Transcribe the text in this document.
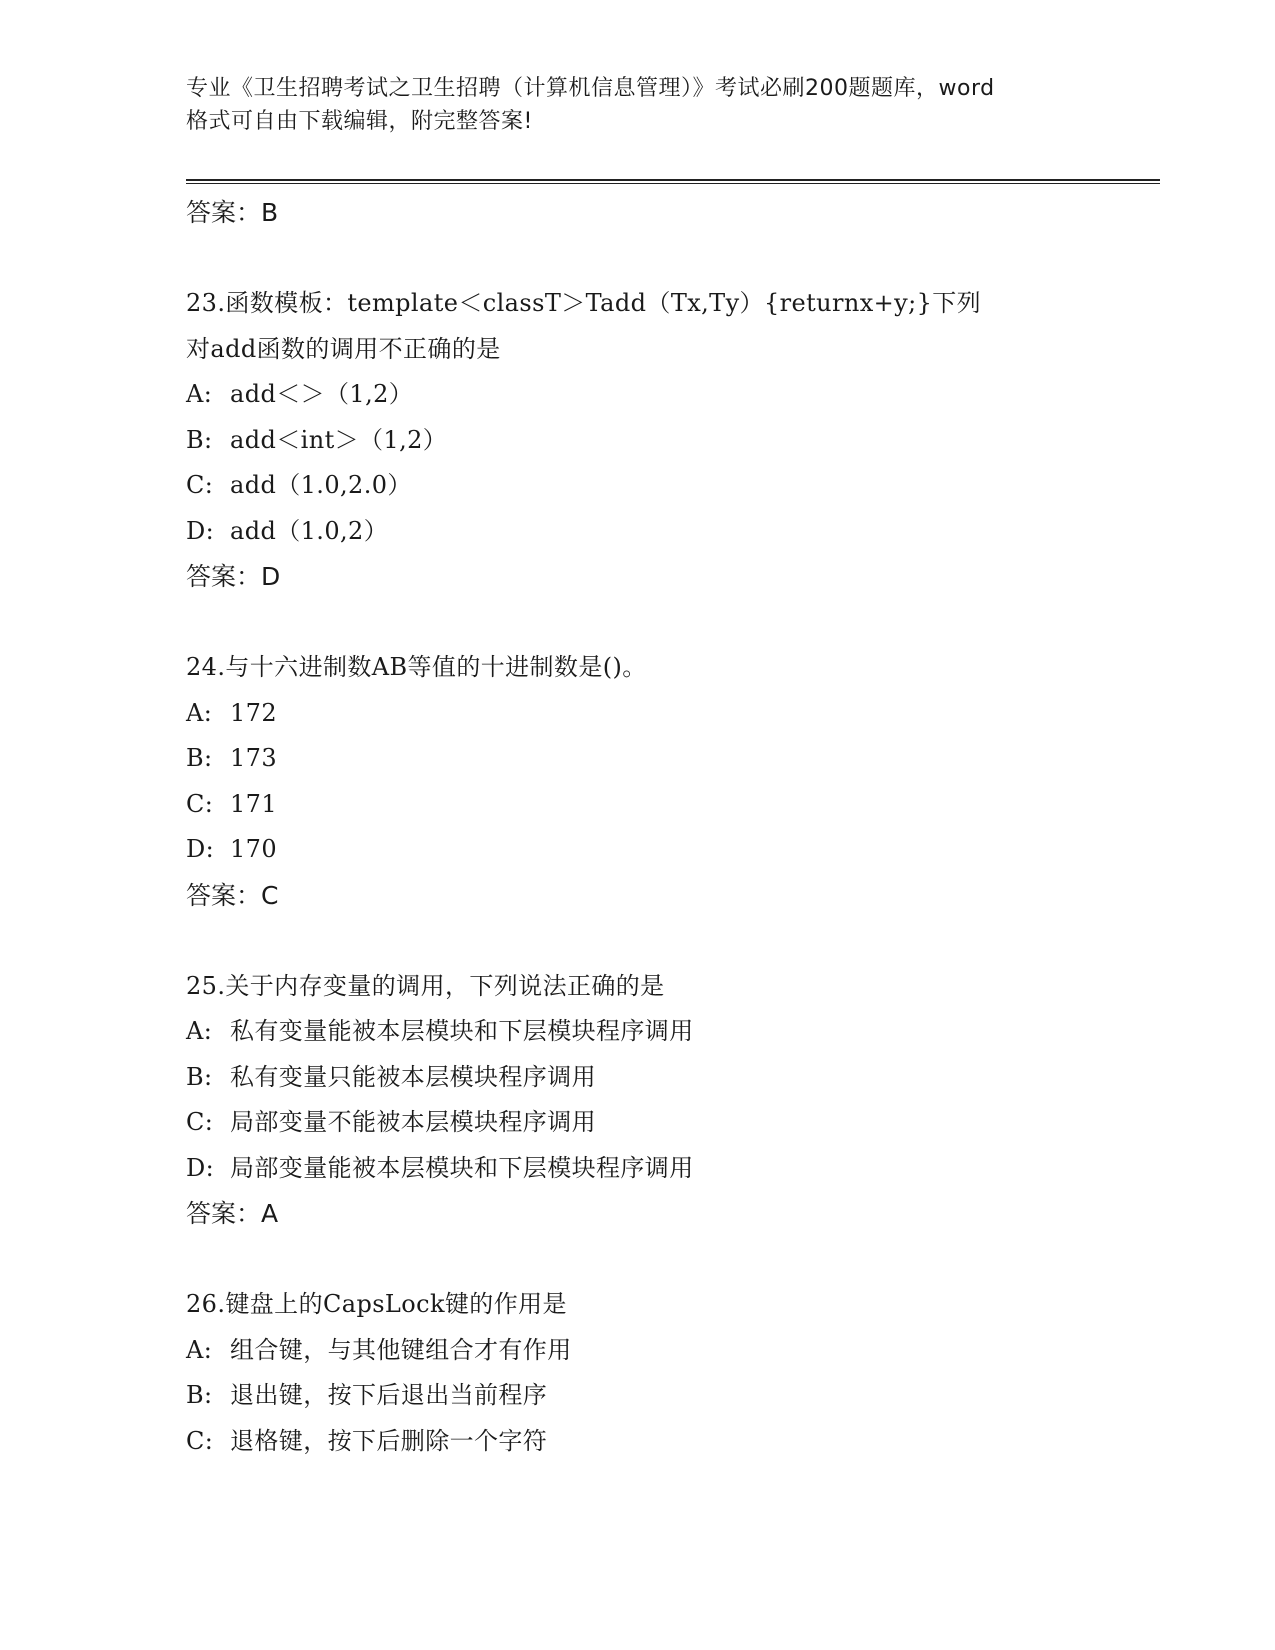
专业《卫生招聘考试之卫生招聘（计算机信息管理）》考试必刷200题题库，word
格式可自由下载编辑，附完整答案!
答案：B
23.函数模板：template＜classT＞Tadd（Tx,Ty）{returnx+y;}下列
对add函数的调用不正确的是
A: add＜＞（1,2）
B: add＜int＞（1,2）
C: add（1.0,2.0）
D: add（1.0,2）
答案：D
24.与十六进制数AB等值的十进制数是()。
A: 172
B: 173
C: 171
D: 170
答案：C
25.关于内存变量的调用，下列说法正确的是
A: 私有变量能被本层模块和下层模块程序调用
B: 私有变量只能被本层模块程序调用
C: 局部变量不能被本层模块程序调用
D: 局部变量能被本层模块和下层模块程序调用
答案：A
26.键盘上的CapsLock键的作用是
A: 组合键，与其他键组合才有作用
B: 退出键，按下后退出当前程序
C: 退格键，按下后删除一个字符
